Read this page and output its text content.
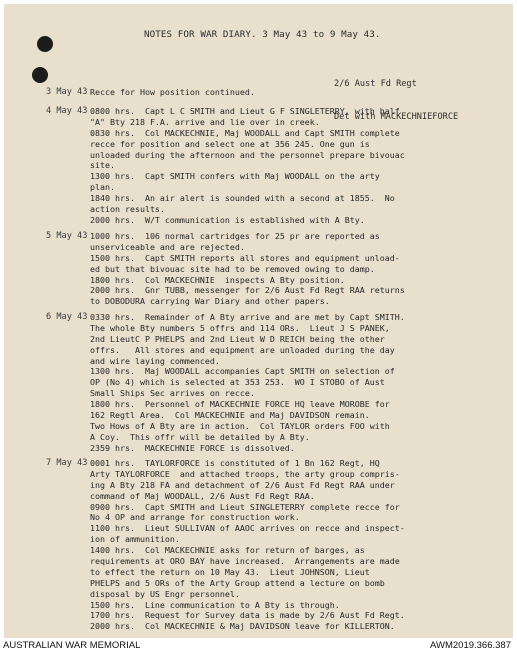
NOTES FOR WAR DIARY. 3 May 43 to 9 May 43.

2/6 Aust Fd Regt

Det with MACKECHNIEFORCE

3 May 43 Recce for How position continued.
4 May 43 0800 hrs.  Capt L C SMITH and Lieut G F SINGLETERRY, with half
"A" Bty 218 F.A. arrive and lie over in creek.
0830 hrs.  Col MACKECHNIE, Maj WOODALL and Capt SMITH complete
recce for position and select one at 356 245. One gun is
unloaded during the afternoon and the personnel prepare bivouac
site.
1300 hrs.  Capt SMITH confers with Maj WOODALL on the arty
plan.
1840 hrs.  An air alert is sounded with a second at 1855.  No
action results.
2000 hrs.  W/T communication is established with A Bty.
5 May 43 1000 hrs.  106 normal cartridges for 25 pr are reported as
unserviceable and are rejected.
1500 hrs.  Capt SMITH reports all stores and equipment unload-
ed but that bivouac site had to be removed owing to damp.
1800 hrs.  Col MACKECHNIE  inspects A Bty position.
2000 hrs.  Gnr TUBB, messenger for 2/6 Aust Fd Regt RAA returns
to DOBODURA carrying War Diary and other papers.
6 May 43 0330 hrs.  Remainder of A Bty arrive and are met by Capt SMITH.
The whole Bty numbers 5 offrs and 114 ORs.  Lieut J S PANEK,
2nd LieutC P PHELPS and 2nd Lieut W D REICH being the other
offrs.   All stores and equipment are unloaded during the day
and wire laying commenced.
1300 hrs.  Maj WOODALL accompanies Capt SMITH on selection of
OP (No 4) which is selected at 353 253.  WO I STOBO of Aust
Small Ships Sec arrives on recce.
1800 hrs.  Personnel of MACKECHNIE FORCE HQ leave MOROBE for
162 Regtl Area.  Col MACKECHNIE and Maj DAVIDSON remain.
Two Hows of A Bty are in action.  Col TAYLOR orders FOO with
A Coy.  This offr will be detailed by A Bty.
2359 hrs.  MACKECHNIE FORCE is dissolved.
7 May 43 0001 hrs.  TAYLORFORCE is constituted of 1 Bn 162 Regt, HQ
Arty TAYLORFORCE  and attached troops, the arty group compris-
ing A Bty 218 FA and detachment of 2/6 Aust Fd Regt RAA under
command of Maj WOODALL, 2/6 Aust Fd Regt RAA.
0900 hrs.  Capt SMITH and Lieut SINGLETERRY complete recce for
No 4 OP and arrange for construction work.
1100 hrs.  Lieut SULLIVAN of AAOC arrives on recce and inspect-
ion of ammunition.
1400 hrs.  Col MACKECHNIE asks for return of barges, as
requirements at ORO BAY have increased.  Arrangements are made
to effect the return on 10 May 43.  Lieut JOHNSON, Lieut
PHELPS and 5 ORs of the Arty Group attend a lecture on bomb
disposal by US Engr personnel.
1500 hrs.  Line communication to A Bty is through.
1700 hrs.  Request for Survey data is made by 2/6 Aust Fd Regt.
2000 hrs.  Col MACKECHNIE & Maj DAVIDSON leave for KILLERTON.
AUSTRALIAN WAR MEMORIAL	AWM2019.366.387
